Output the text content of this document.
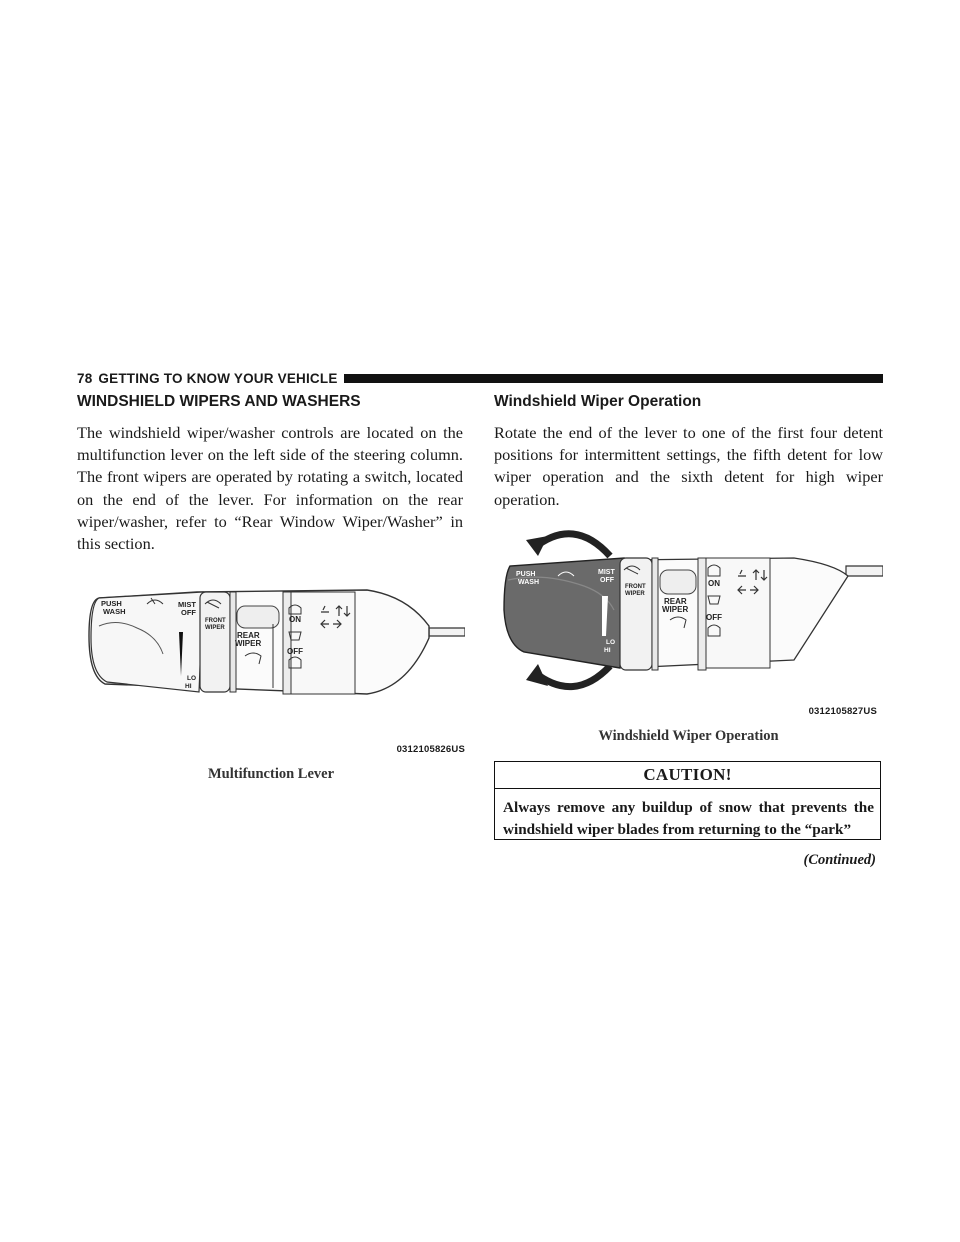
78 GETTING TO KNOW YOUR VEHICLE
WINDSHIELD WIPERS AND WASHERS

The windshield wiper/washer controls are located on the multifunction lever on the left side of the steering column. The front wipers are operated by rotating a switch, located on the end of the lever. For information on the rear wiper/washer, refer to “Rear Window Wiper/Washer” in this section.

PUSH
WASH
MIST
OFF
FRONT
WIPER
REAR
WIPER
ON
OFF
LO
HI
0312105826US
Multifunction Lever
Windshield Wiper Operation

Rotate the end of the lever to one of the first four detent positions for intermittent settings, the fifth detent for low wiper operation and the sixth detent for high wiper operation.

PUSH
WASH
MIST
OFF
LO
HI
FRONT
WIPER
REAR
WIPER
ON
OFF
0312105827US
Windshield Wiper Operation
CAUTION!
Always remove any buildup of snow that prevents the windshield wiper blades from returning to the “park”
(Continued)
